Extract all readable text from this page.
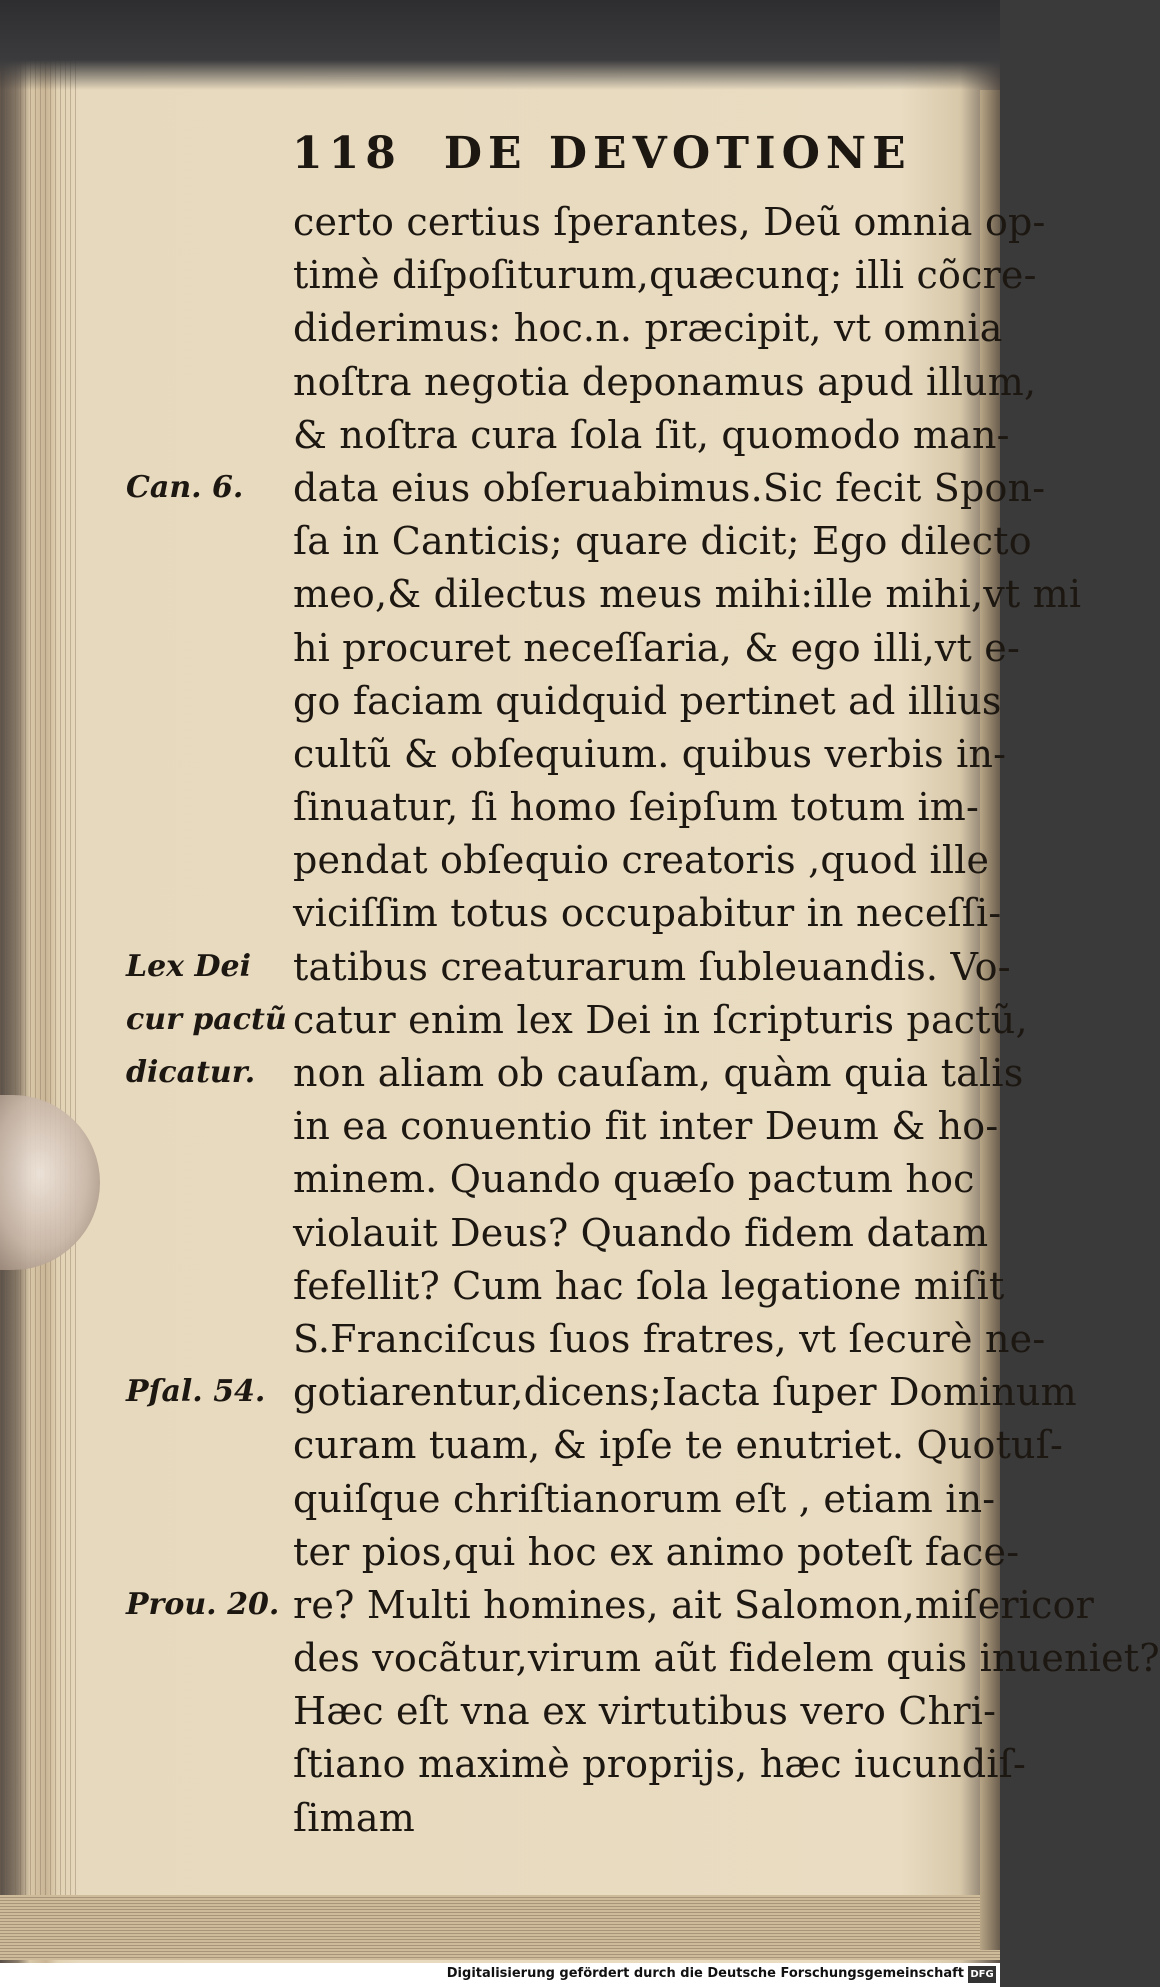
118 DE DEVOTIONE
certo certius ſperantes, Deũ omnia op-
timè diſpoſiturum,quæcunq; illi cõcre-
diderimus: hoc.n. præcipit, vt omnia
noſtra negotia deponamus apud illum,
& noſtra cura ſola ſit, quomodo man-
data eius obſeruabimus.Sic fecit Spon-
ſa in Canticis; quare dicit; Ego dilecto
meo,& dilectus meus mihi:ille mihi,vt mi
hi procuret neceſſaria, & ego illi,vt e-
go faciam quidquid pertinet ad illius
cultũ & obſequium. quibus verbis in-
ſinuatur, ſi homo ſeipſum totum im-
pendat obſequio creatoris ,quod ille
viciſſim totus occupabitur in neceſſi-
tatibus creaturarum ſubleuandis. Vo-
catur enim lex Dei in ſcripturis pactũ,
non aliam ob cauſam, quàm quia talis
in ea conuentio fit inter Deum & ho-
minem. Quando quæſo pactum hoc
violauit Deus? Quando fidem datam
fefellit? Cum hac ſola legatione miſit
S.Franciſcus ſuos fratres, vt ſecurè ne-
gotiarentur,dicens;Iacta ſuper Dominum
curam tuam, & ipſe te enutriet. Quotuſ-
quiſque chriſtianorum eſt , etiam in-
ter pios,qui hoc ex animo poteſt face-
re? Multi homines, ait Salomon,miſericor
des vocãtur,virum aũt fidelem quis inueniet?
Hæc eſt vna ex virtutibus vero Chri-
ſtiano maximè proprijs, hæc iucundiſ-
ſimam
Can. 6.
Lex Dei
cur pactũ
dicatur.
Pſal. 54.
Prou. 20.
Digitalisierung gefördert durch die Deutsche Forschungsgemeinschaft DFG
